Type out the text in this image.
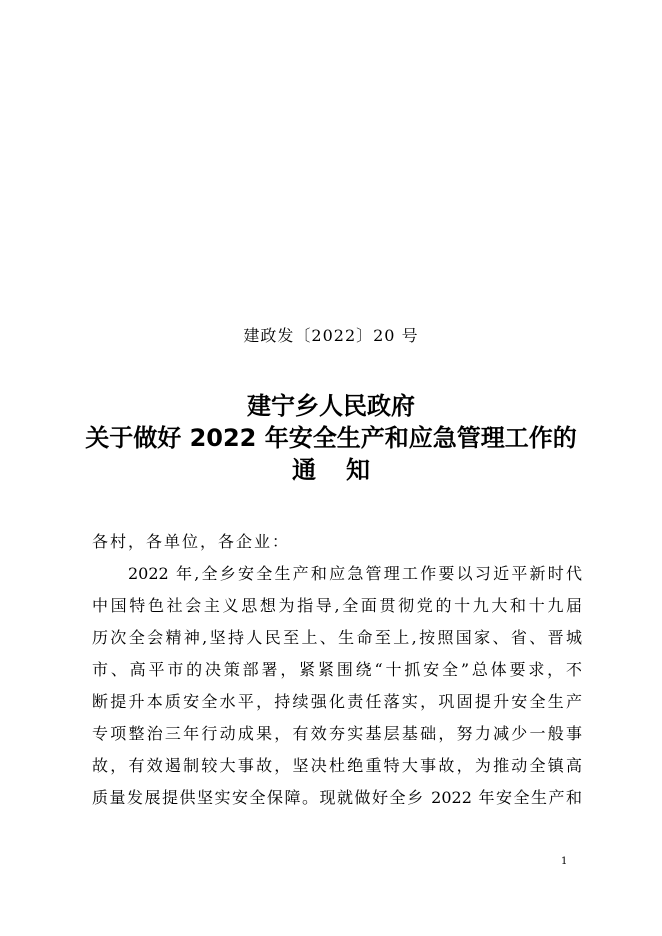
建政发〔2022〕20 号
建宁乡人民政府
关于做好 2022 年安全生产和应急管理工作的
通知
各村，各单位，各企业：
2022 年,全乡安全生产和应急管理工作要以习近平新时代
中国特色社会主义思想为指导,全面贯彻党的十九大和十九届
历次全会精神,坚持人民至上、生命至上,按照国家、省、晋城
市、高平市的决策部署，紧紧围绕“十抓安全”总体要求，不
断提升本质安全水平，持续强化责任落实，巩固提升安全生产
专项整治三年行动成果，有效夯实基层基础，努力减少一般事
故，有效遏制较大事故，坚决杜绝重特大事故，为推动全镇高
质量发展提供坚实安全保障。现就做好全乡 2022 年安全生产和
1
